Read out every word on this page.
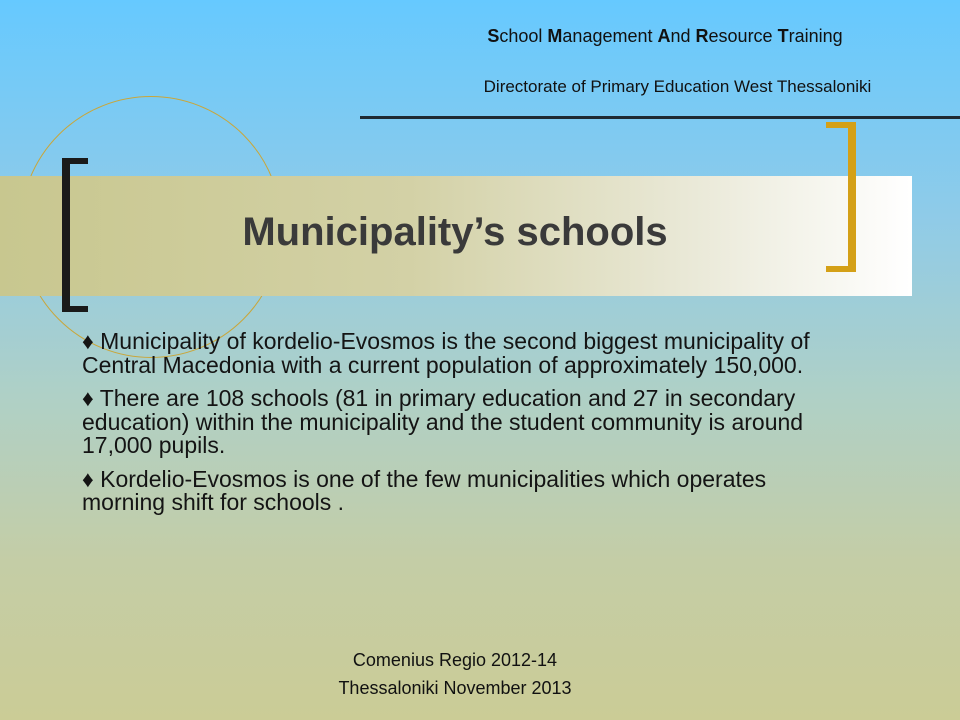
School Management And Resource Training
Directorate of Primary Education West Thessaloniki
Municipality’s schools

♦ Municipality of kordelio-Evosmos is the second biggest municipality of Central Macedonia with a current population of approximately 150,000.

♦ There are 108 schools (81 in primary education and 27 in secondary education) within the municipality and the student community is around 17,000 pupils.

♦ Kordelio-Evosmos is one of the few municipalities which operates morning shift for schools .

Comenius Regio 2012-14
Thessaloniki November 2013
